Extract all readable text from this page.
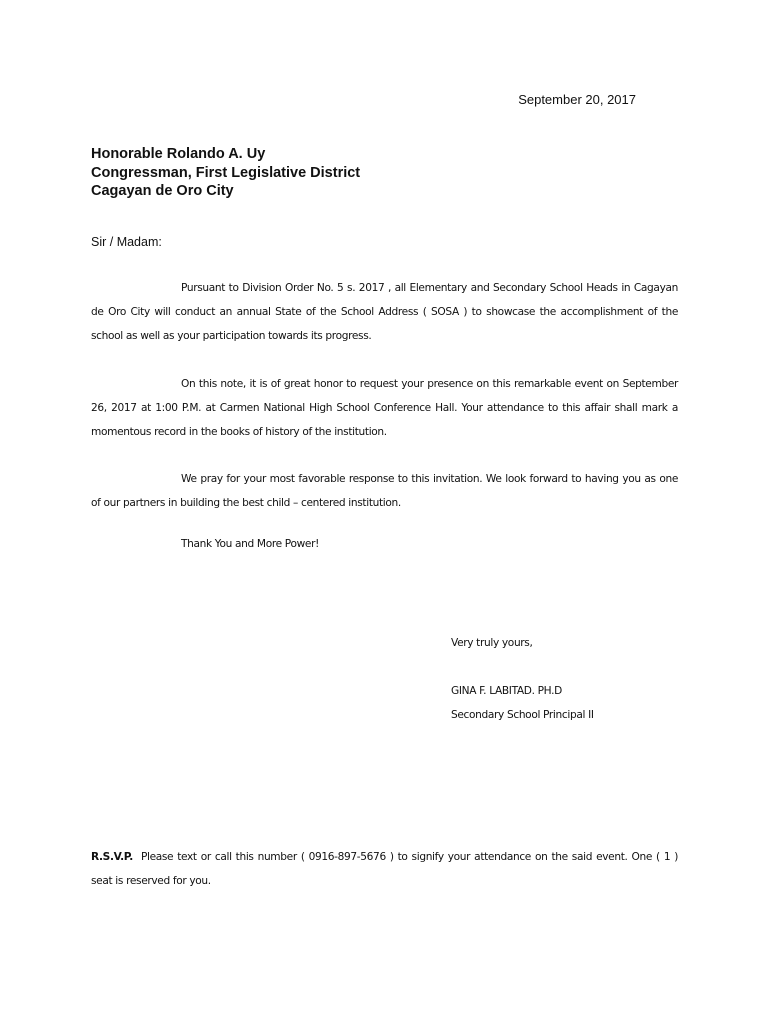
September 20, 2017
Honorable Rolando A. Uy
Congressman, First Legislative District
Cagayan de Oro City
Sir / Madam:

Pursuant to Division Order No. 5 s. 2017 , all Elementary and Secondary School Heads in Cagayan de Oro City will conduct an annual State of the School Address ( SOSA ) to showcase the accomplishment of the school as well as your participation towards its progress.

On this note, it is of great honor to request your presence on this remarkable event on September 26, 2017 at 1:00 P.M. at Carmen National High School Conference Hall. Your attendance to this affair shall mark a momentous record in the books of history of the institution.

We pray for your most favorable response to this invitation. We look forward to having you as one of our partners in building the best child – centered institution.

Thank You and More Power!
Very truly yours,
GINA F. LABITAD. PH.D
Secondary School Principal II

R.S.V.P. Please text or call this number ( 0916-897-5676 ) to signify your attendance on the said event. One ( 1 ) seat is reserved for you.
